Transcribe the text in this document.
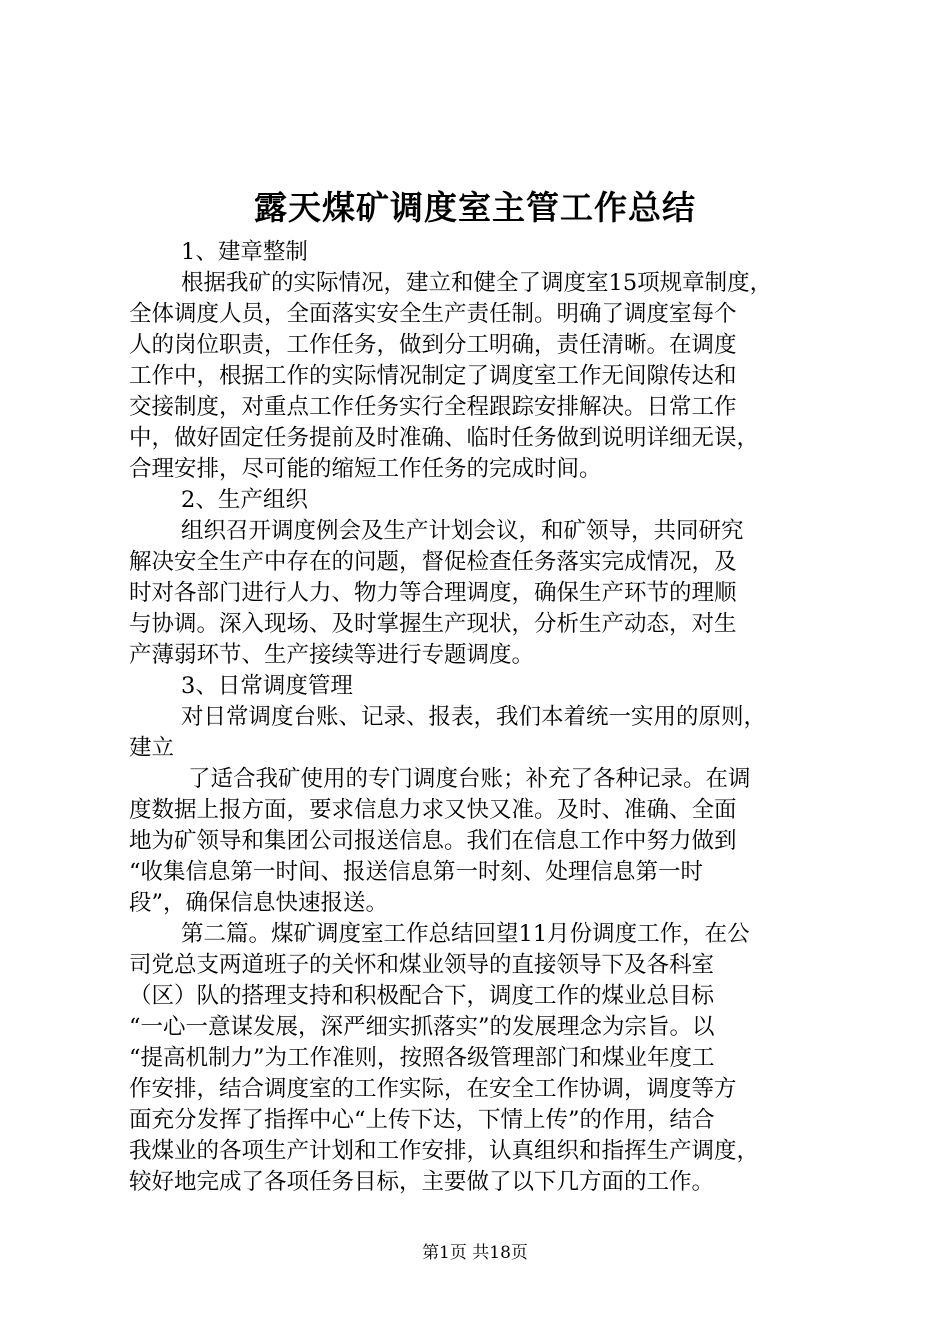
露天煤矿调度室主管工作总结
1、建章整制
根据我矿的实际情况，建立和健全了调度室15项规章制度，
全体调度人员，全面落实安全生产责任制。明确了调度室每个
人的岗位职责，工作任务，做到分工明确，责任清晰。在调度
工作中，根据工作的实际情况制定了调度室工作无间隙传达和
交接制度，对重点工作任务实行全程跟踪安排解决。日常工作
中，做好固定任务提前及时准确、临时任务做到说明详细无误，
合理安排，尽可能的缩短工作任务的完成时间。
2、生产组织
组织召开调度例会及生产计划会议，和矿领导，共同研究
解决安全生产中存在的问题，督促检查任务落实完成情况，及
时对各部门进行人力、物力等合理调度，确保生产环节的理顺
与协调。深入现场、及时掌握生产现状，分析生产动态，对生
产薄弱环节、生产接续等进行专题调度。
3、日常调度管理
对日常调度台账、记录、报表，我们本着统一实用的原则，
建立
了适合我矿使用的专门调度台账；补充了各种记录。在调
度数据上报方面，要求信息力求又快又准。及时、准确、全面
地为矿领导和集团公司报送信息。我们在信息工作中努力做到
“收集信息第一时间、报送信息第一时刻、处理信息第一时
段”，确保信息快速报送。
第二篇。煤矿调度室工作总结回望11月份调度工作，在公
司党总支两道班子的关怀和煤业领导的直接领导下及各科室
（区）队的搭理支持和积极配合下，调度工作的煤业总目标
“一心一意谋发展，深严细实抓落实”的发展理念为宗旨。以
“提高机制力”为工作准则，按照各级管理部门和煤业年度工
作安排，结合调度室的工作实际，在安全工作协调，调度等方
面充分发挥了指挥中心“上传下达，下情上传”的作用，结合
我煤业的各项生产计划和工作安排，认真组织和指挥生产调度，
较好地完成了各项任务目标，主要做了以下几方面的工作。
第1页 共18页
